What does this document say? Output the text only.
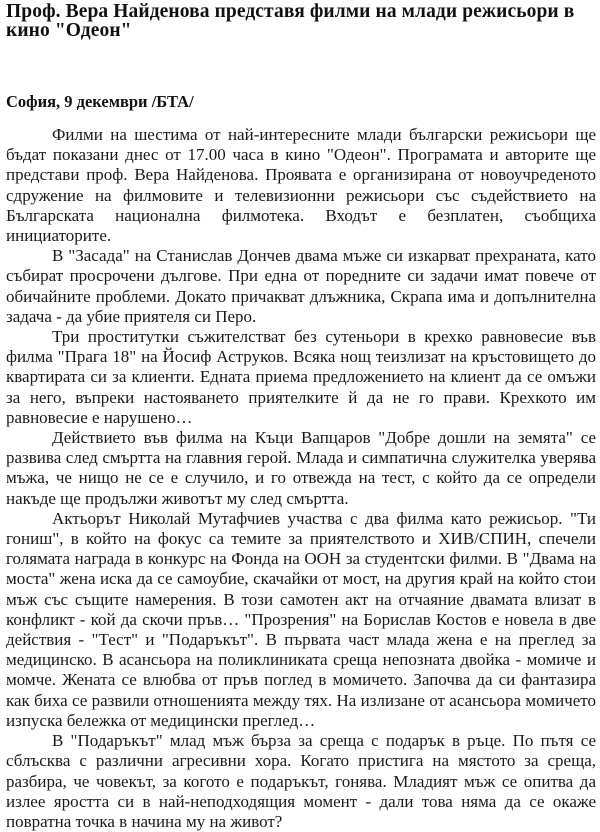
Проф. Вера Найденова представя филми на млади режисьори в кино "Одеон"
София, 9 декември /БТА/

Филми на шестима от най-интересните млади български режисьори ще бъдат показани днес от 17.00 часа в кино "Одеон". Програмата и авторите ще представи проф. Вера Найденова. Проявата е организирана от новоучреденото сдружение на филмовите и телевизионни режисьори със съдействието на Българската национална филмотека. Входът е безплатен, съобщиха инициаторите.

В "Засада" на Станислав Дончев двама мъже си изкарват прехраната, като събират просрочени дългове. При една от поредните си задачи имат повече от обичайните проблеми. Докато причакват длъжника, Скрапа има и допълнителна задача - да убие приятеля си Перо.

Три проститутки съжителстват без сутеньори в крехко равновесие във филма "Прага 18" на Йосиф Аструков. Всяка нощ теизлизат на кръстовището до квартирата си за клиенти. Едната приема предложението на клиент да се омъжи за него, въпреки настояването приятелките й да не го прави. Крехкото им равновесие е нарушено…

Действието във филма на Къци Вапцаров "Добре дошли на земята" се развива след смъртта на главния герой. Млада и симпатична служителка уверява мъжа, че нищо не се е случило, и го отвежда на тест, с който да се определи накъде ще продължи животът му след смъртта.

Актьорът Николай Мутафчиев участва с два филма като режисьор. "Ти гониш", в който на фокус са темите за приятелството и ХИВ/СПИН, спечели голямата награда в конкурс на Фонда на ООН за студентски филми. В "Двама на моста" жена иска да се самоубие, скачайки от мост, на другия край на който стои мъж със същите намерения. В този самотен акт на отчаяние двамата влизат в конфликт - кой да скочи пръв… "Прозрения" на Борислав Костов е новела в две действия - "Тест" и "Подаръкът". В първата част млада жена е на преглед за медицинско. В асансьора на поликлиниката среща непозната двойка - момиче и момче. Жената се влюбва от пръв поглед в момичето. Започва да си фантазира как биха се развили отношенията между тях. На излизане от асансьора момичето изпуска бележка от медицински преглед…

В "Подаръкът" млад мъж бърза за среща с подарък в ръце. По пътя се сблъсква с различни агресивни хора. Когато пристига на мястото за среща, разбира, че човекът, за когото е подаръкът, гонява. Младият мъж се опитва да излее яростта си в най-неподходящия момент - дали това няма да се окаже повратна точка в начина му на живот?
